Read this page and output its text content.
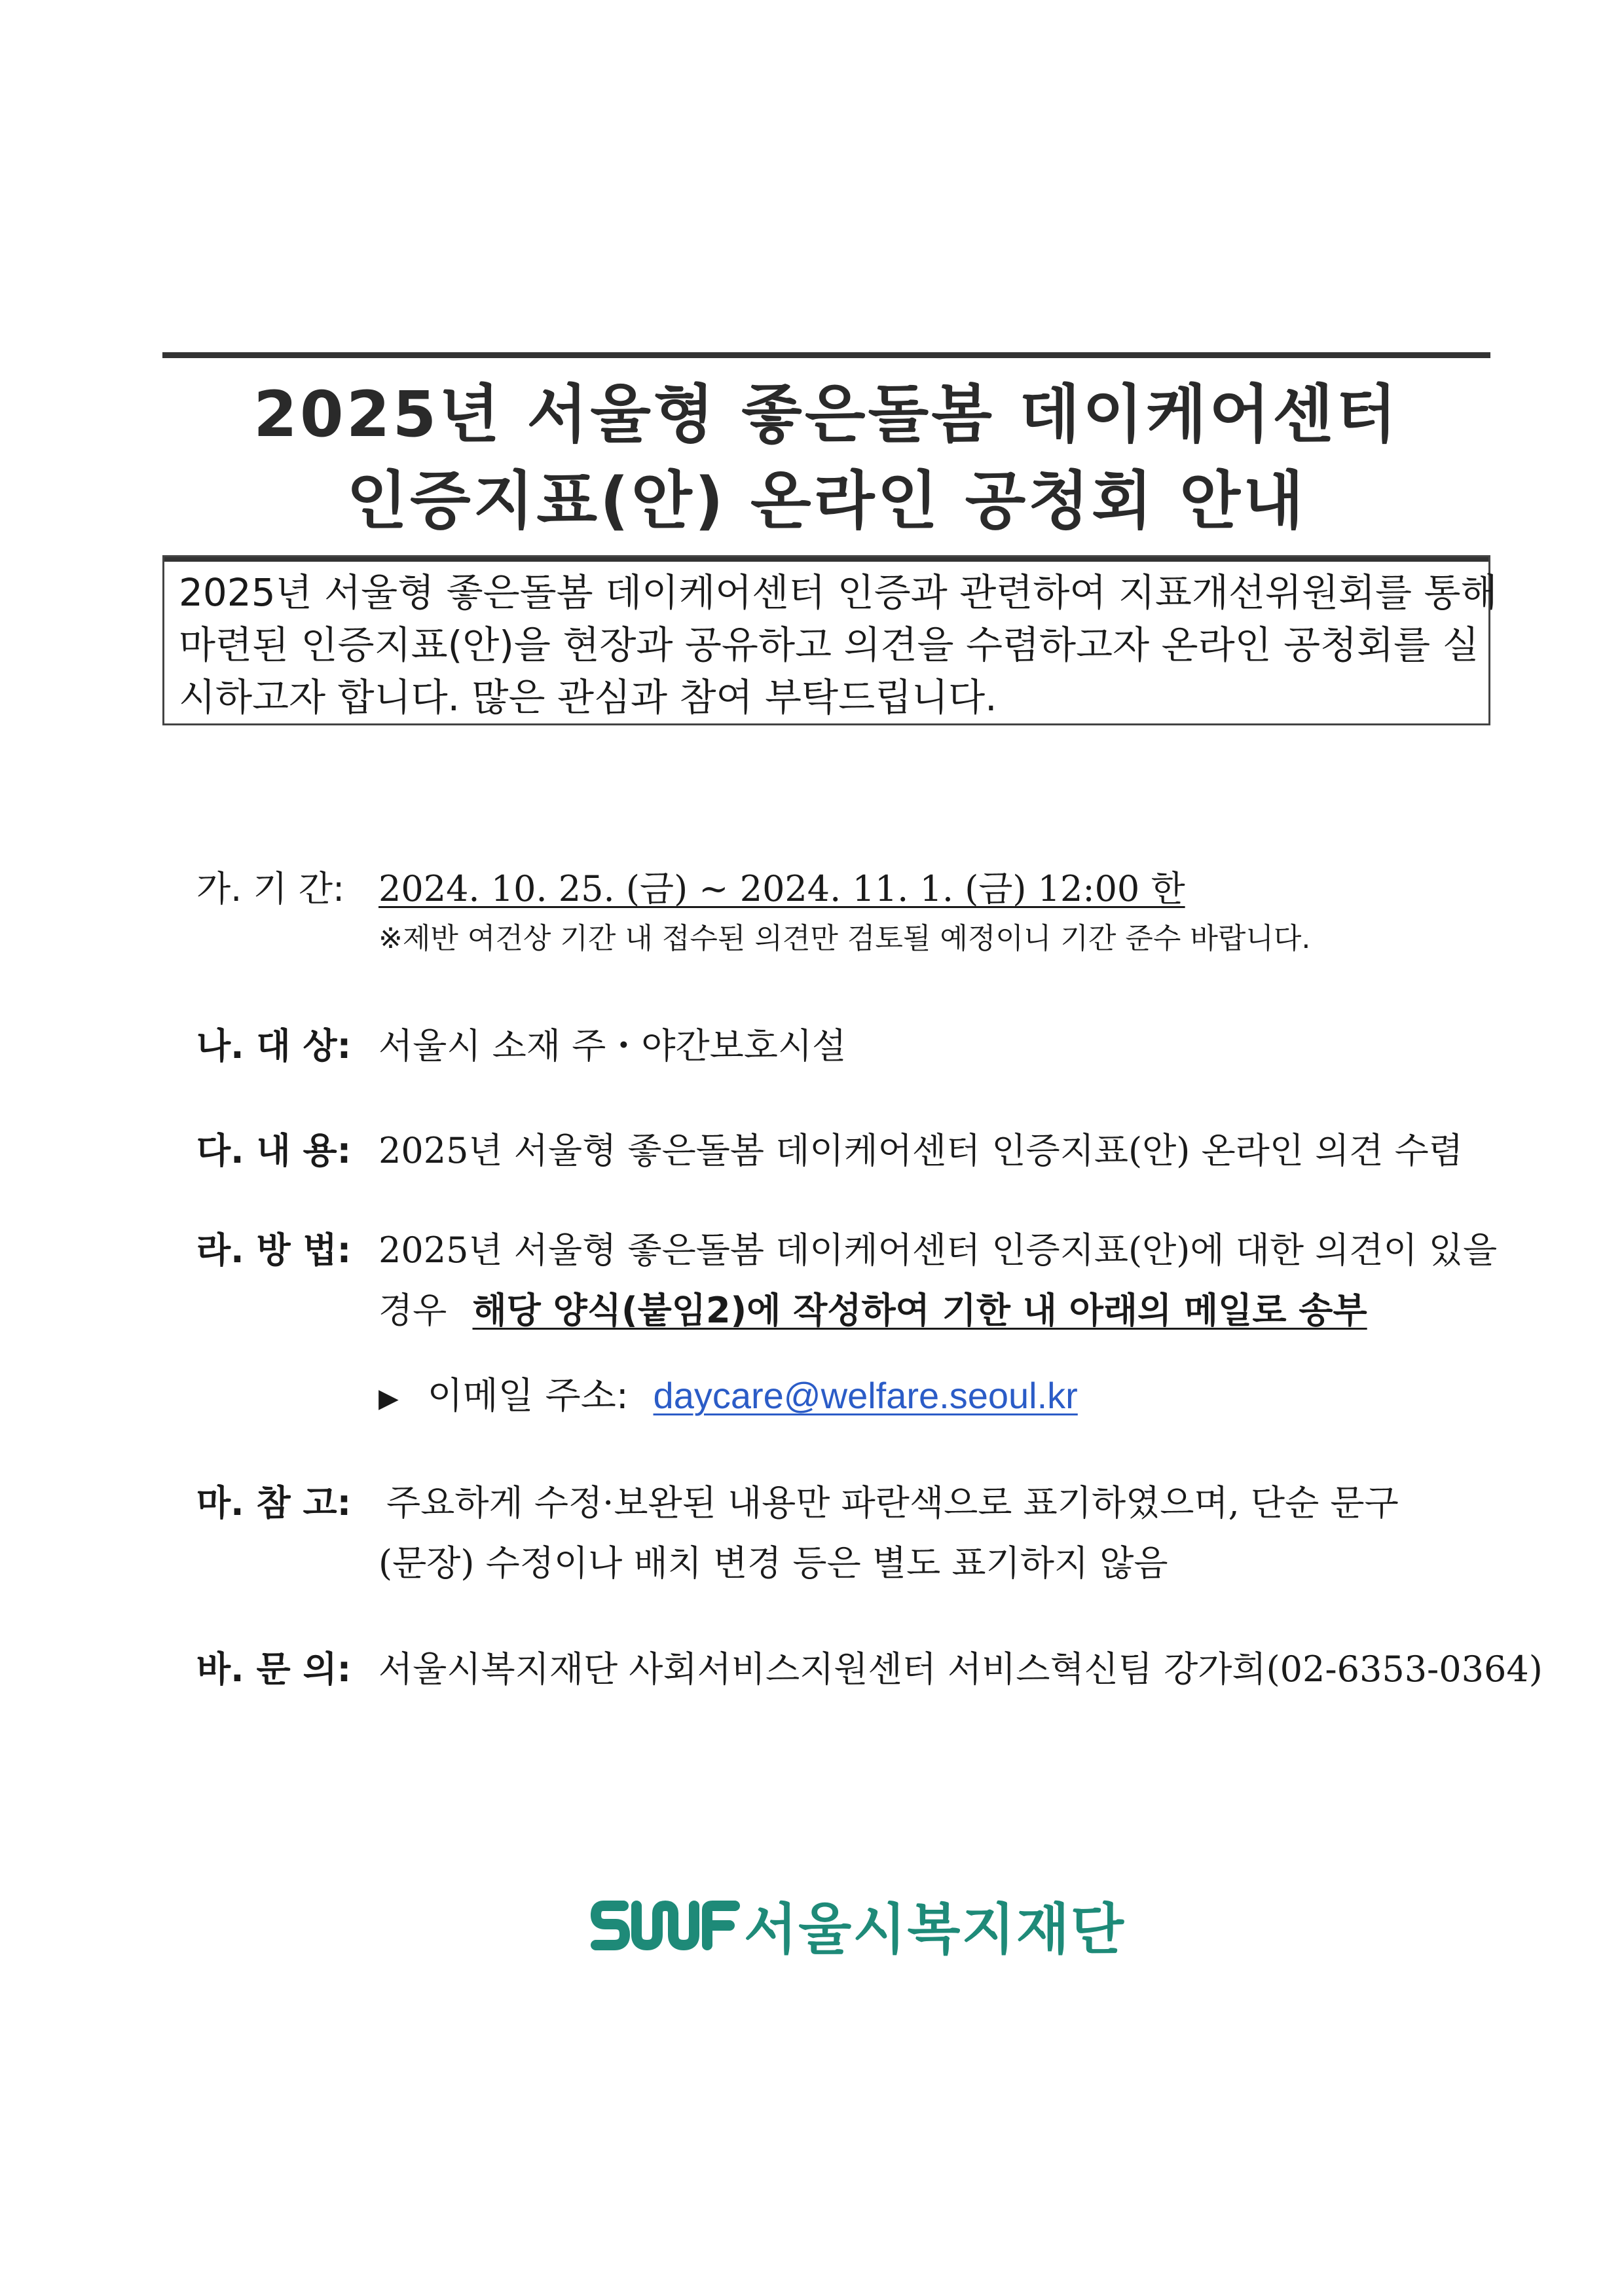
2025년 서울형 좋은돌봄 데이케어센터
인증지표(안) 온라인 공청회 안내
2025년 서울형 좋은돌봄 데이케어센터 인증과 관련하여 지표개선위원회를 통해
마련된 인증지표(안)을 현장과 공유하고 의견을 수렴하고자 온라인 공청회를 실
시하고자 합니다. 많은 관심과 참여 부탁드립니다.
가. 기 간: 2024. 10. 25. (금) ~ 2024. 11. 1. (금) 12:00 한
※제반 여건상 기간 내 접수된 의견만 검토될 예정이니 기간 준수 바랍니다.
나. 대 상: 서울시 소재 주・야간보호시설
다. 내 용: 2025년 서울형 좋은돌봄 데이케어센터 인증지표(안) 온라인 의견 수렴
라. 방 법: 2025년 서울형 좋은돌봄 데이케어센터 인증지표(안)에 대한 의견이 있을
경우 해당 양식(붙임2)에 작성하여 기한 내 아래의 메일로 송부
▶ 이메일 주소: daycare@welfare.seoul.kr
마. 참 고: 주요하게 수정·보완된 내용만 파란색으로 표기하였으며, 단순 문구
(문장) 수정이나 배치 변경 등은 별도 표기하지 않음
바. 문 의: 서울시복지재단 사회서비스지원센터 서비스혁신팀 강가희(02-6353-0364)
서울시복지재단
